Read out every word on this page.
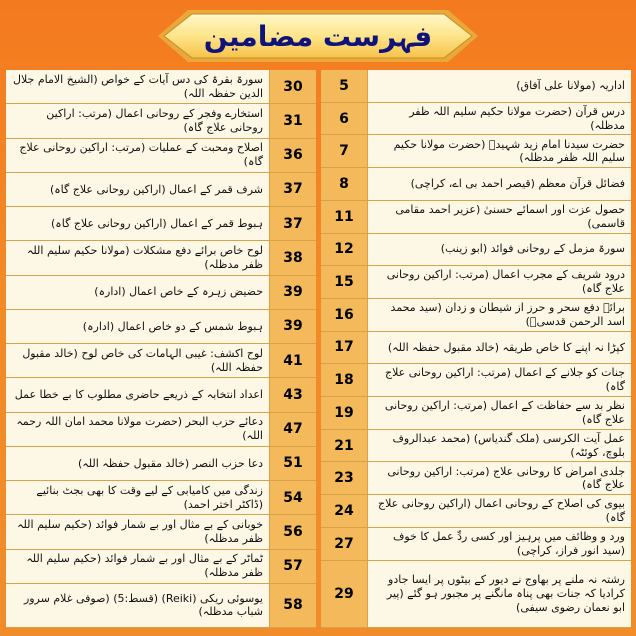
فہرست مضامین
30
سورۃ بقرۃ کی دس آیات کے خواص (الشیخ الامام جلال الدین حفظہ اللہ)
31
استخارے وفجر کے روحانی اعمال (مرتب: اراکین روحانی علاج گاہ)
36
اصلاح ومحبت کے عملیات (مرتب: اراکین روحانی علاج گاہ)
37
شرف قمر کے اعمال (اراکین روحانی علاج گاہ)
37
ہبوط قمر کے اعمال (اراکین روحانی علاج گاہ)
38
لوح خاص برائے دفع مشکلات (مولانا حکیم سلیم اللہ ظفر مدظلہ)
39
حضیض زہرہ کے خاص اعمال (ادارہ)
39
ہبوط شمس کے دو خاص اعمال (ادارہ)
41
لوح اکشف: غیبی الہامات کی خاص لوح (خالد مقبول حفظہ اللہ)
43
اعداد انتخابہ کے ذریعے حاضری مطلوب کا بے خطا عمل
47
دعائے حزب البحر (حضرت مولانا محمد امان اللہ رحمہ اللہ)
51
دعا حزب النصر (خالد مقبول حفظہ اللہ)
54
زندگی میں کامیابی کے لیے وقت کا بھی بجٹ بنائیے (ڈاکٹر اختر احمد)
56
خوبانی کے بے مثال اور بے شمار فوائد (حکیم سلیم اللہ ظفر مدظلہ)
57
ٹماٹر کے بے مثال اور بے شمار فوائد (حکیم سلیم اللہ ظفر مدظلہ)
58
یوسوئی ریکی (Reiki) (قسط:5) (صوفی غلام سرور شباب مدظلہ)
5	اداریہ (مولانا علی آفاق)
6	درس قرآن (حضرت مولانا حکیم سلیم اللہ ظفر مدظلہ)
7	حضرت سیدنا امام زید شہیدؒ (حضرت مولانا حکیم سلیم اللہ ظفر مدظلہ)
8	فضائل قرآن معظم (قیصر احمد بی اے، کراچی)
11	حصول عزت اور اسمائے حسنیٰ (عزیر احمد مقامی قاسمی)
12	سورۃ مزمل کے روحانی فوائد (ابو زینب)
15	درود شریف کے مجرب اعمال (مرتب: اراکین روحانی علاج گاہ)
16	برائے دفع سحر و حرز از شیطان و زدان (سید محمد اسد الرحمن قدسیؒ)
17	کپڑا نہ اپنے کا خاص طریقہ (خالد مقبول حفظہ اللہ)
18	جنات کو جلانے کے اعمال (مرتب: اراکین روحانی علاج گاہ)
19	نظر بد سے حفاظت کے اعمال (مرتب: اراکین روحانی علاج گاہ)
21	عمل آیت الکرسی (ملک گندیاس) (محمد عبدالروف بلوچ، کوئٹہ)
23	جلدی امراض کا روحانی علاج (مرتب: اراکین روحانی علاج گاہ)
24	بیوی کی اصلاح کے روحانی اعمال (اراکین روحانی علاج گاہ)
27	ورد و وظائف میں پرہیز اور کسی ردِّ عمل کا خوف (سید انور فراز، کراچی)
29
رشتہ نہ ملنے پر بھاوج نے دیور کے بیٹوں پر ایسا جادو کرادیا کہ جنات بھی پناہ مانگنے پر مجبور ہو گئے (پیر ابو نعمان رضوی سیفی)
